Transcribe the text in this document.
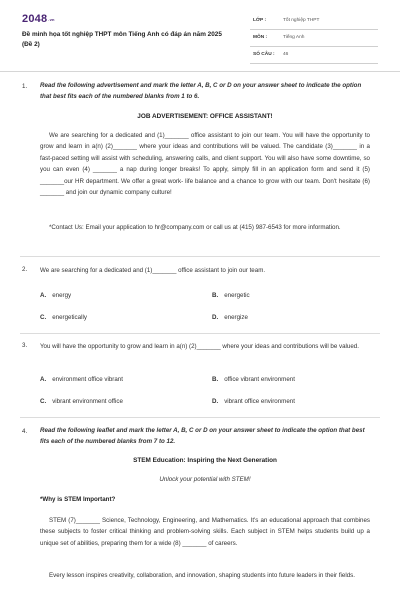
2048.vn
Đề minh họa tốt nghiệp THPT môn Tiếng Anh có đáp án năm 2025 (Đề 2)
LỚP :	Tốt nghiệp THPT
MÔN :	Tiếng Anh
SỐ CÂU : 46
1. Read the following advertisement and mark the letter A, B, C or D on your answer sheet to indicate the option that best fits each of the numbered blanks from 1 to 6.
JOB ADVERTISEMENT: OFFICE ASSISTANT!
We are searching for a dedicated and (1)_______ office assistant to join our team. You will have the opportunity to grow and learn in a(n) (2)_______ where your ideas and contributions will be valued. The candidate (3)_______ in a fast-paced setting will assist with scheduling, answering calls, and client support. You will also have some downtime, so you can even (4) _______ a nap during longer breaks! To apply, simply fill in an application form and send it (5) _______our HR department. We offer a great work- life balance and a chance to grow with our team. Don't hesitate (6) _______ and join our dynamic company culture!
*Contact Us: Email your application to hr@company.com or call us at (415) 987-6543 for more information.
2. We are searching for a dedicated and (1)_______ office assistant to join our team.
A. energy	B. energetic
C. energetically	D. energize
3. You will have the opportunity to grow and learn in a(n) (2)_______ where your ideas and contributions will be valued.
A. environment office vibrant	B. office vibrant environment
C. vibrant environment office	D. vibrant office environment
4. Read the following leaflet and mark the letter A, B, C or D on your answer sheet to indicate the option that best fits each of the numbered blanks from 7 to 12.
STEM Education: Inspiring the Next Generation
Unlock your potential with STEM!
*Why is STEM Important?
STEM (7)_______ Science, Technology, Engineering, and Mathematics. It's an educational approach that combines these subjects to foster critical thinking and problem-solving skills. Each subject in STEM helps students build up a unique set of abilities, preparing them for a wide (8) _______ of careers.
Every lesson inspires creativity, collaboration, and innovation, shaping students into future leaders in their fields.
